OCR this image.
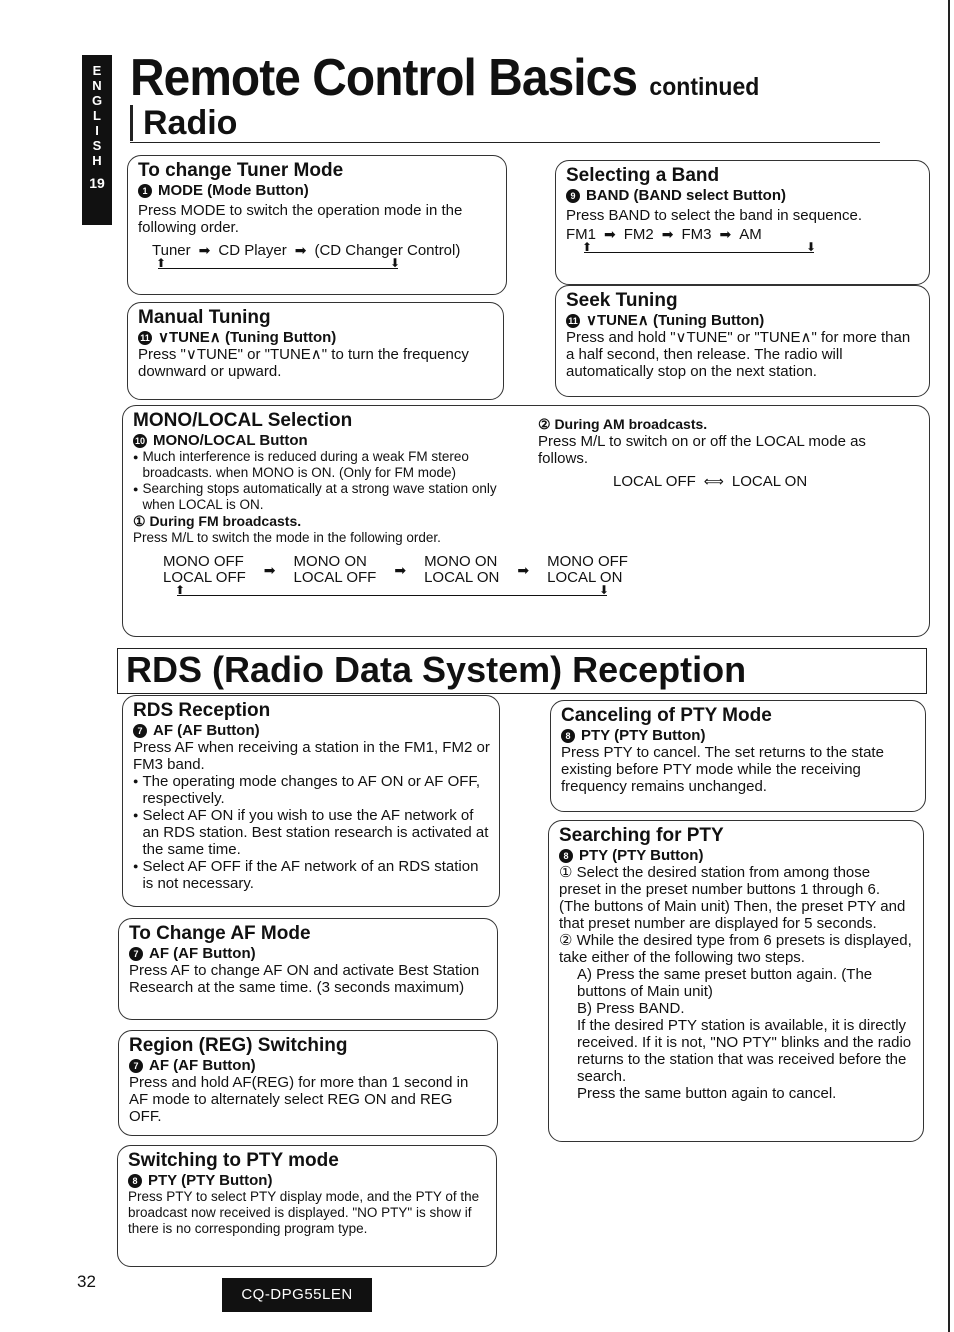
E
N
G
L
I
S
H
19
Remote Control Basics continued
Radio
To change Tuner Mode
1 MODE (Mode Button)

Press MODE to switch the operation mode in the following order.

Tuner ➡ CD Player ➡ (CD Changer Control)
⬆ ⬇
Selecting a Band
9 BAND (BAND select Button)

Press BAND to select the band in sequence.

FM1 ➡ FM2 ➡ FM3 ➡ AM
⬆ ⬇
Manual Tuning
11 ∨TUNE∧ (Tuning Button)

Press "∨TUNE" or "TUNE∧" to turn the frequency downward or upward.

Seek Tuning
11 ∨TUNE∧ (Tuning Button)

Press and hold "∨TUNE" or "TUNE∧" for more than a half second, then release. The radio will automatically stop on the next station.

MONO/LOCAL Selection
10 MONO/LOCAL Button
● Much interference is reduced during a weak FM stereo broadcasts. when MONO is ON. (Only for FM mode)
● Searching stops automatically at a strong wave station only when LOCAL is ON.
① During FM broadcasts.

Press M/L to switch the mode in the following order.

② During AM broadcasts.

Press M/L to switch on or off the LOCAL mode as follows.

LOCAL OFF ⟺ LOCAL ON
MONO OFF
LOCAL OFF ➡ MONO ON
LOCAL OFF ➡ MONO ON
LOCAL ON ➡ MONO OFF
LOCAL ON
⬆ ⬇
RDS (Radio Data System) Reception
RDS Reception
7 AF (AF Button)

Press AF when receiving a station in the FM1, FM2 or FM3 band.

● The operating mode changes to AF ON or AF OFF, respectively.
● Select AF ON if you wish to use the AF network of an RDS station. Best station research is activated at the same time.
● Select AF OFF if the AF network of an RDS station is not necessary.
To Change AF Mode
7 AF (AF Button)

Press AF to change AF ON and activate Best Station Research at the same time. (3 seconds maximum)

Region (REG) Switching
7 AF (AF Button)

Press and hold AF(REG) for more than 1 second in AF mode to alternately select REG ON and REG OFF.

Switching to PTY mode
8 PTY (PTY Button)

Press PTY to select PTY display mode, and the PTY of the broadcast now received is displayed. "NO PTY" is show if there is no corresponding program type.

Canceling of PTY Mode
8 PTY (PTY Button)

Press PTY to cancel. The set returns to the state existing before PTY mode while the receiving frequency remains unchanged.

Searching for PTY
8 PTY (PTY Button)

① Select the desired station from among those preset in the preset number buttons 1 through 6. (The buttons of Main unit) Then, the preset PTY and that preset number are displayed for 5 seconds.

② While the desired type from 6 presets is displayed, take either of the following two steps.

A) Press the same preset button again. (The buttons of Main unit)

B) Press BAND.

If the desired PTY station is available, it is directly received. If it is not, "NO PTY" blinks and the radio returns to the station that was received before the search.

Press the same button again to cancel.

32
CQ-DPG55LEN
